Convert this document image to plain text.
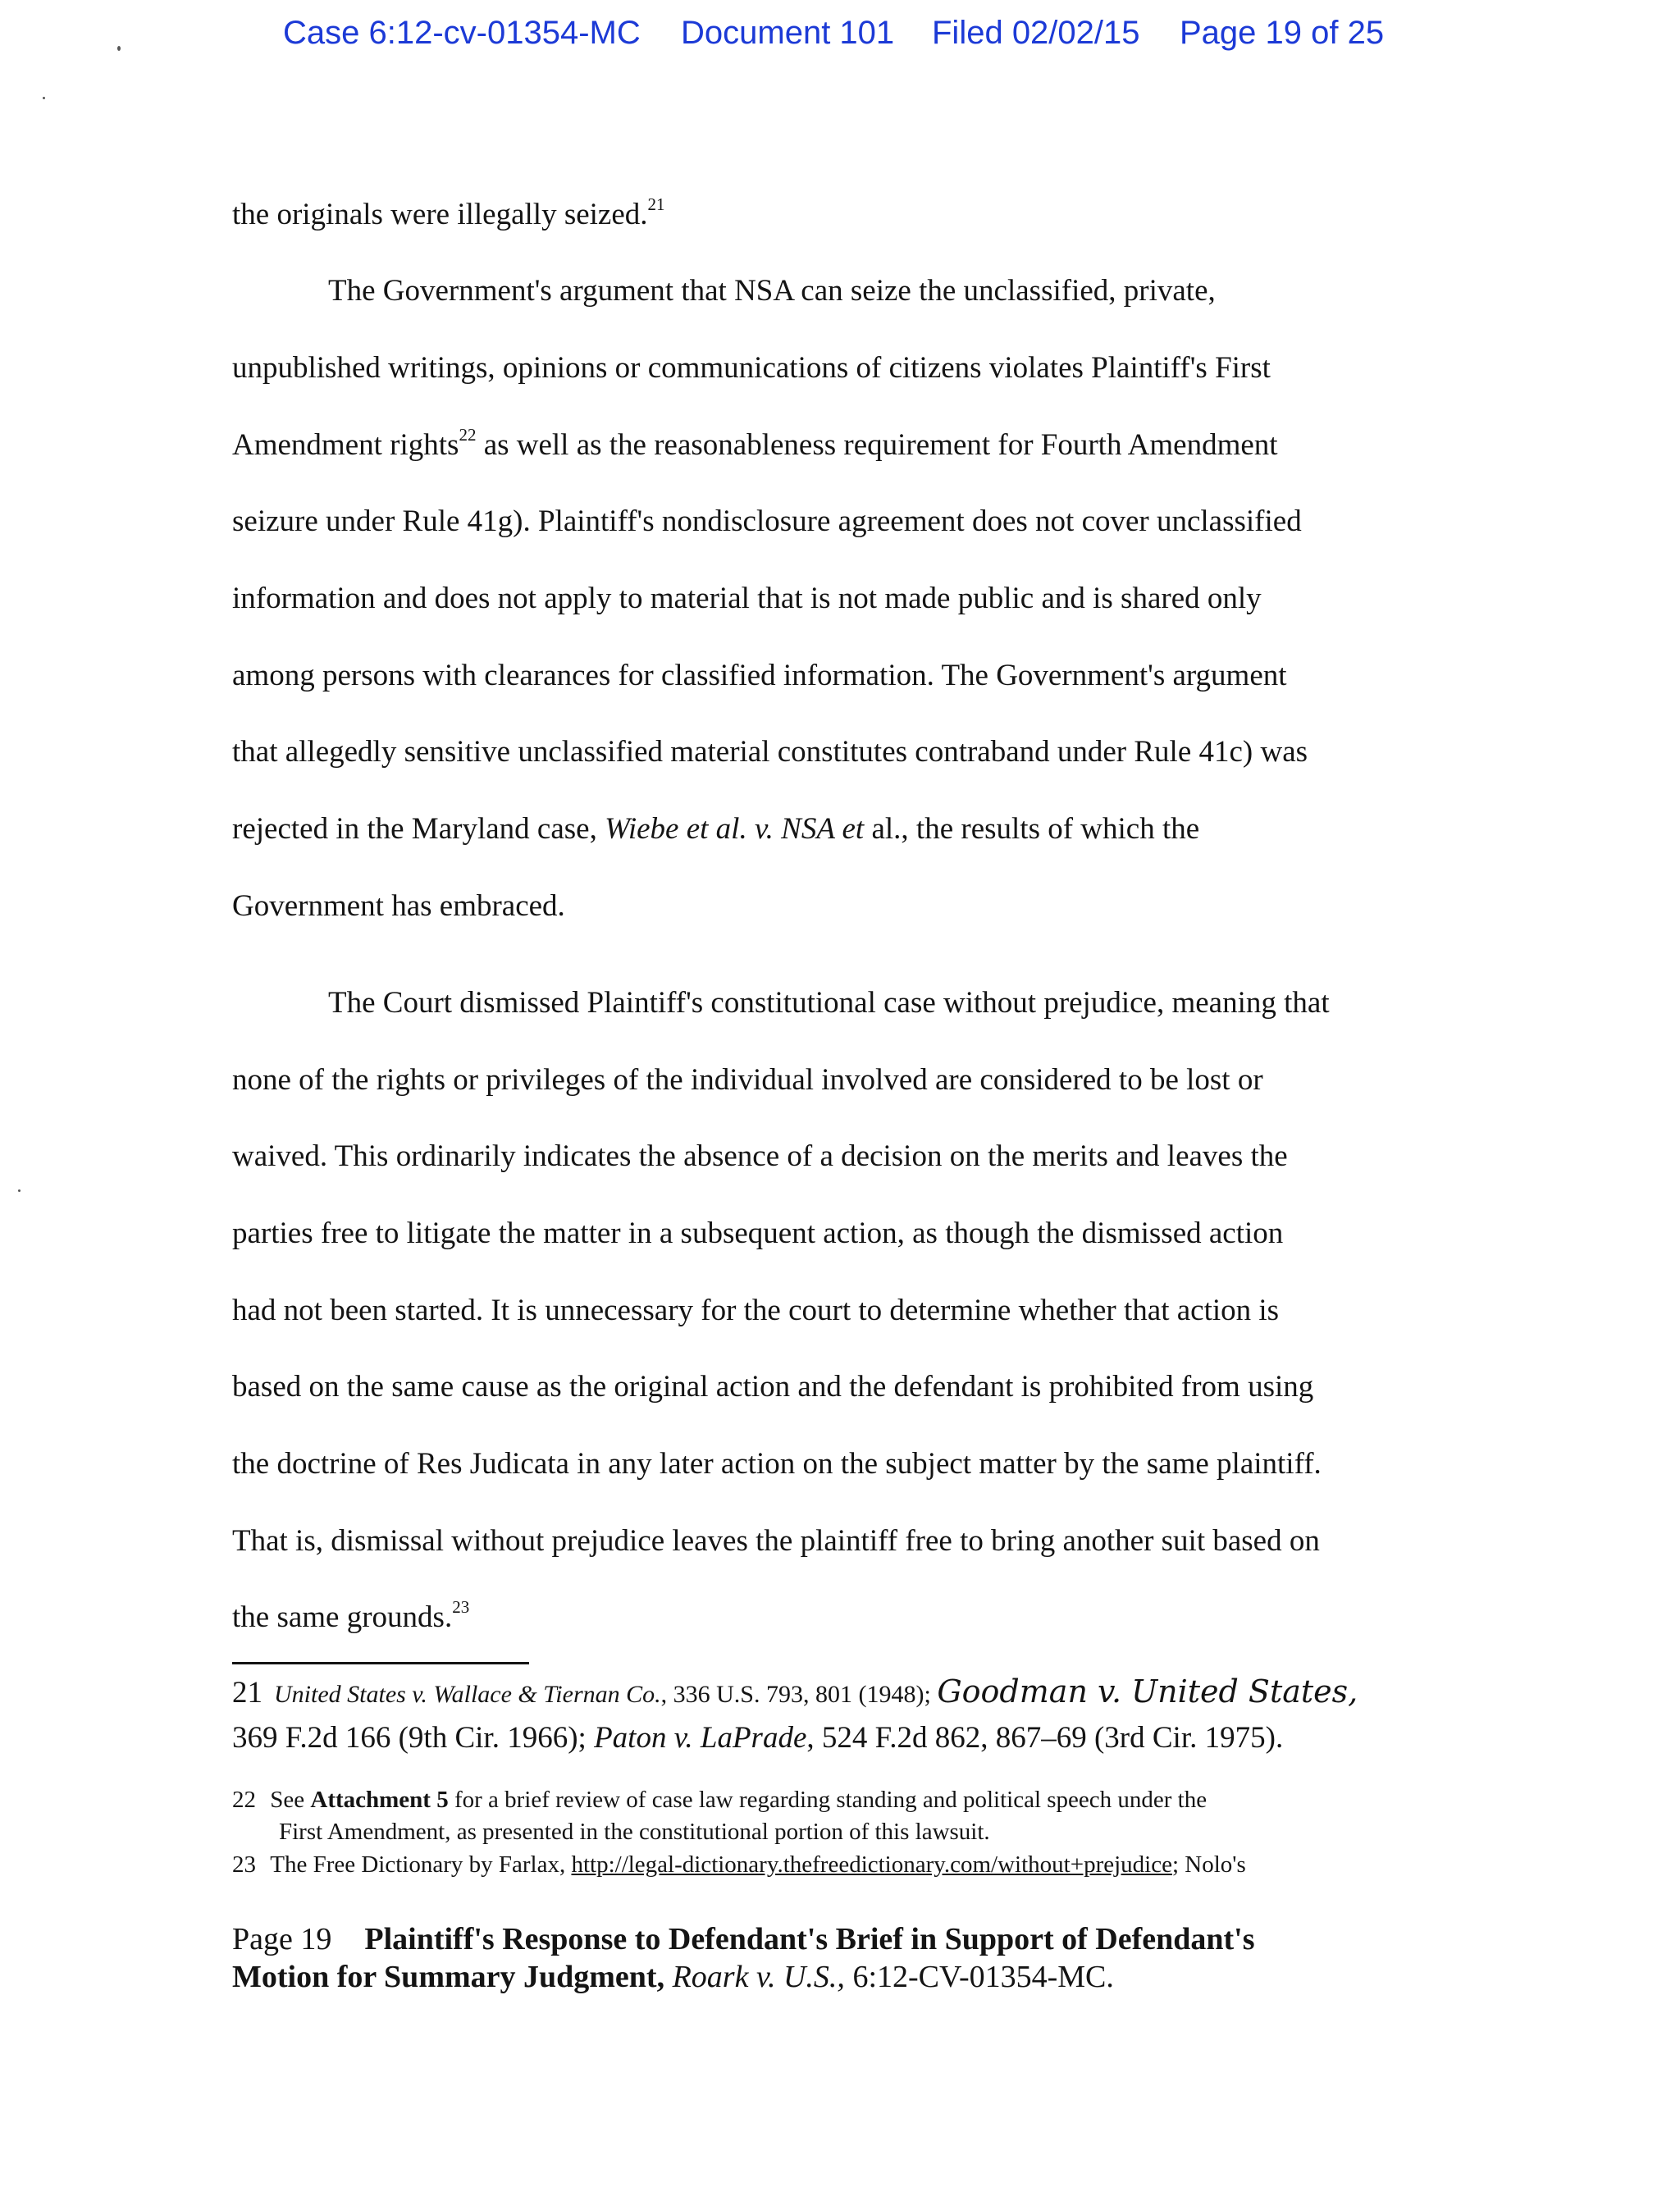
Case 6:12-cv-01354-MC Document 101 Filed 02/02/15 Page 19 of 25
the originals were illegally seized.$^{21}$
The Government's argument that NSA can seize the unclassified, private,
unpublished writings, opinions or communications of citizens violates Plaintiff's First
Amendment rights$^{22}$ as well as the reasonableness requirement for Fourth Amendment
seizure under Rule 41g). Plaintiff's nondisclosure agreement does not cover unclassified
information and does not apply to material that is not made public and is shared only
among persons with clearances for classified information. The Government's argument
that allegedly sensitive unclassified material constitutes contraband under Rule 41c) was
rejected in the Maryland case, Wiebe et al. v. NSA et al., the results of which the
Government has embraced.
The Court dismissed Plaintiff's constitutional case without prejudice, meaning that
none of the rights or privileges of the individual involved are considered to be lost or
waived. This ordinarily indicates the absence of a decision on the merits and leaves the
parties free to litigate the matter in a subsequent action, as though the dismissed action
had not been started. It is unnecessary for the court to determine whether that action is
based on the same cause as the original action and the defendant is prohibited from using
the doctrine of Res Judicata in any later action on the subject matter by the same plaintiff.
That is, dismissal without prejudice leaves the plaintiff free to bring another suit based on
the same grounds.$^{23}$
21 United States v. Wallace & Tiernan Co., 336 U.S. 793, 801 (1948); Goodman v. United States,
369 F.2d 166 (9th Cir. 1966); Paton v. LaPrade, 524 F.2d 862, 867–69 (3rd Cir. 1975).
22 See Attachment 5 for a brief review of case law regarding standing and political speech under the
First Amendment, as presented in the constitutional portion of this lawsuit.
23 The Free Dictionary by Farlax, http://legal-dictionary.thefreedictionary.com/without+prejudice; Nolo's
Page 19 Plaintiff's Response to Defendant's Brief in Support of Defendant's
Motion for Summary Judgment, Roark v. U.S., 6:12-CV-01354-MC.
